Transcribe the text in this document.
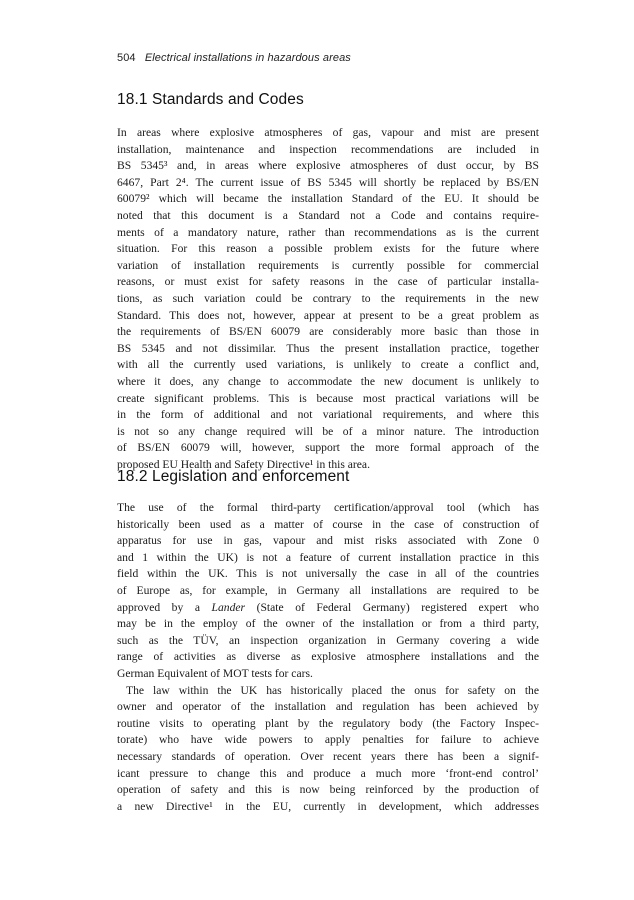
504 Electrical installations in hazardous areas
18.1 Standards and Codes
In areas where explosive atmospheres of gas, vapour and mist are present
installation, maintenance and inspection recommendations are included in
BS 5345³ and, in areas where explosive atmospheres of dust occur, by BS
6467, Part 2⁴. The current issue of BS 5345 will shortly be replaced by BS/EN
60079² which will became the installation Standard of the EU. It should be
noted that this document is a Standard not a Code and contains require-
ments of a mandatory nature, rather than recommendations as is the current
situation. For this reason a possible problem exists for the future where
variation of installation requirements is currently possible for commercial
reasons, or must exist for safety reasons in the case of particular installa-
tions, as such variation could be contrary to the requirements in the new
Standard. This does not, however, appear at present to be a great problem as
the requirements of BS/EN 60079 are considerably more basic than those in
BS 5345 and not dissimilar. Thus the present installation practice, together
with all the currently used variations, is unlikely to create a conflict and,
where it does, any change to accommodate the new document is unlikely to
create significant problems. This is because most practical variations will be
in the form of additional and not variational requirements, and where this
is not so any change required will be of a minor nature. The introduction
of BS/EN 60079 will, however, support the more formal approach of the
proposed EU Health and Safety Directive¹ in this area.
18.2 Legislation and enforcement
The use of the formal third-party certification/approval tool (which has
historically been used as a matter of course in the case of construction of
apparatus for use in gas, vapour and mist risks associated with Zone 0
and 1 within the UK) is not a feature of current installation practice in this
field within the UK. This is not universally the case in all of the countries
of Europe as, for example, in Germany all installations are required to be
approved by a Lander (State of Federal Germany) registered expert who
may be in the employ of the owner of the installation or from a third party,
such as the TÜV, an inspection organization in Germany covering a wide
range of activities as diverse as explosive atmosphere installations and the
German Equivalent of MOT tests for cars.
The law within the UK has historically placed the onus for safety on the
owner and operator of the installation and regulation has been achieved by
routine visits to operating plant by the regulatory body (the Factory Inspec-
torate) who have wide powers to apply penalties for failure to achieve
necessary standards of operation. Over recent years there has been a signif-
icant pressure to change this and produce a much more ‘front-end control’
operation of safety and this is now being reinforced by the production of
a new Directive¹ in the EU, currently in development, which addresses
